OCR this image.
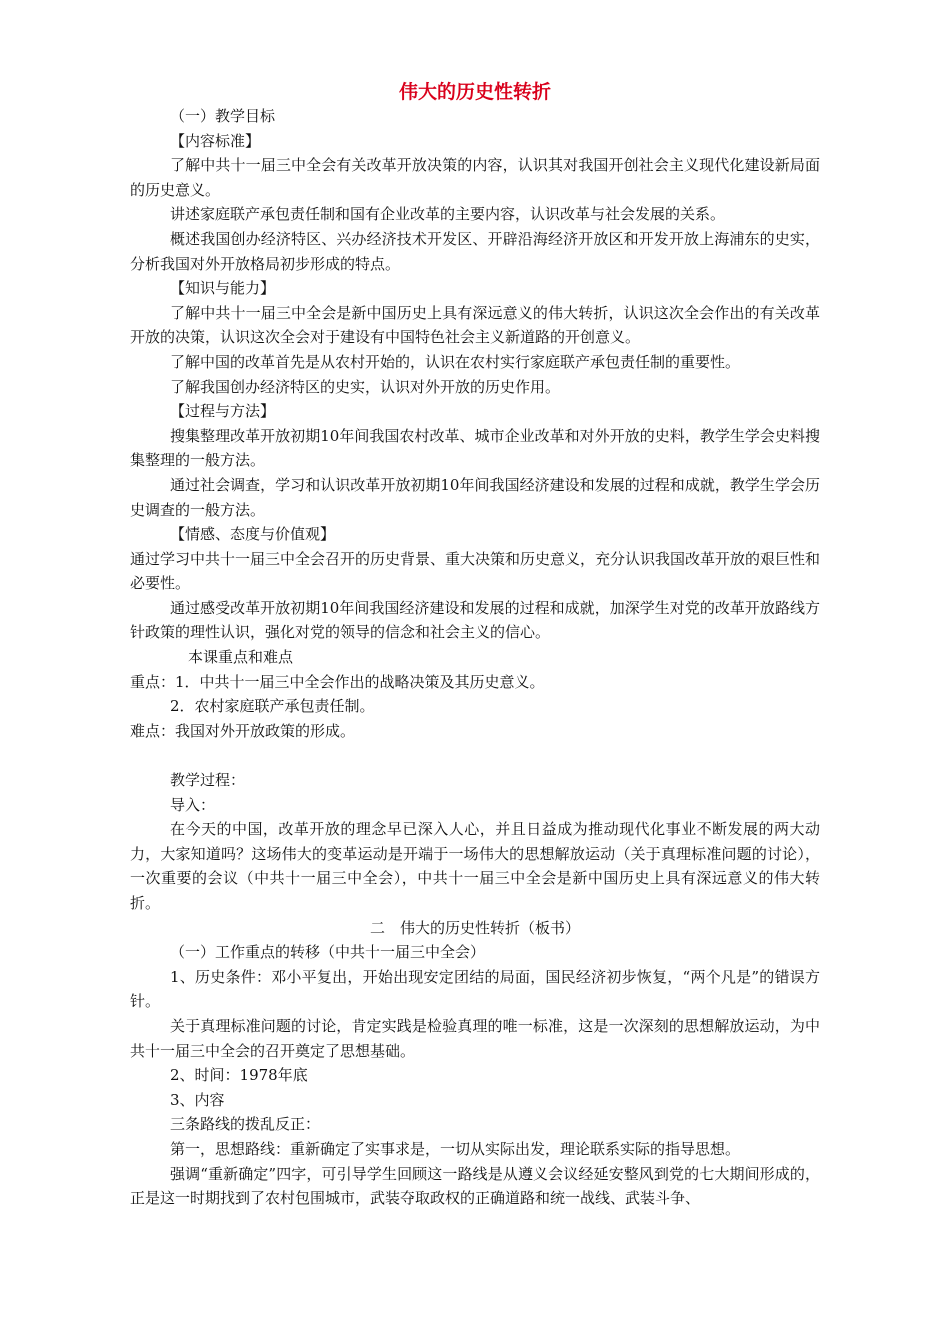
伟大的历史性转折

（一）教学目标

【内容标准】

了解中共十一届三中全会有关改革开放决策的内容，认识其对我国开创社会主义现代化建设新局面的历史意义。

讲述家庭联产承包责任制和国有企业改革的主要内容，认识改革与社会发展的关系。

概述我国创办经济特区、兴办经济技术开发区、开辟沿海经济开放区和开发开放上海浦东的史实，分析我国对外开放格局初步形成的特点。

【知识与能力】

了解中共十一届三中全会是新中国历史上具有深远意义的伟大转折，认识这次全会作出的有关改革开放的决策，认识这次全会对于建设有中国特色社会主义新道路的开创意义。

了解中国的改革首先是从农村开始的，认识在农村实行家庭联产承包责任制的重要性。

了解我国创办经济特区的史实，认识对外开放的历史作用。

【过程与方法】

搜集整理改革开放初期10年间我国农村改革、城市企业改革和对外开放的史料，教学生学会史料搜集整理的一般方法。

通过社会调查，学习和认识改革开放初期10年间我国经济建设和发展的过程和成就，教学生学会历史调查的一般方法。

【情感、态度与价值观】

通过学习中共十一届三中全会召开的历史背景、重大决策和历史意义，充分认识我国改革开放的艰巨性和必要性。

通过感受改革开放初期10年间我国经济建设和发展的过程和成就，加深学生对党的改革开放路线方针政策的理性认识，强化对党的领导的信念和社会主义的信心。

本课重点和难点

重点：1．中共十一届三中全会作出的战略决策及其历史意义。

2．农村家庭联产承包责任制。

难点：我国对外开放政策的形成。

教学过程：

导入：

在今天的中国，改革开放的理念早已深入人心，并且日益成为推动现代化事业不断发展的两大动力，大家知道吗？这场伟大的变革运动是开端于一场伟大的思想解放运动（关于真理标准问题的讨论），一次重要的会议（中共十一届三中全会），中共十一届三中全会是新中国历史上具有深远意义的伟大转折。

二　伟大的历史性转折（板书）

（一）工作重点的转移（中共十一届三中全会）

1、历史条件：邓小平复出，开始出现安定团结的局面，国民经济初步恢复，“两个凡是”的错误方针。

关于真理标准问题的讨论，肯定实践是检验真理的唯一标准，这是一次深刻的思想解放运动，为中共十一届三中全会的召开奠定了思想基础。

2、时间：1978年底

3、内容

三条路线的拨乱反正：

第一，思想路线：重新确定了实事求是，一切从实际出发，理论联系实际的指导思想。

强调“重新确定”四字，可引导学生回顾这一路线是从遵义会议经延安整风到党的七大期间形成的，正是这一时期找到了农村包围城市，武装夺取政权的正确道路和统一战线、武装斗争、
